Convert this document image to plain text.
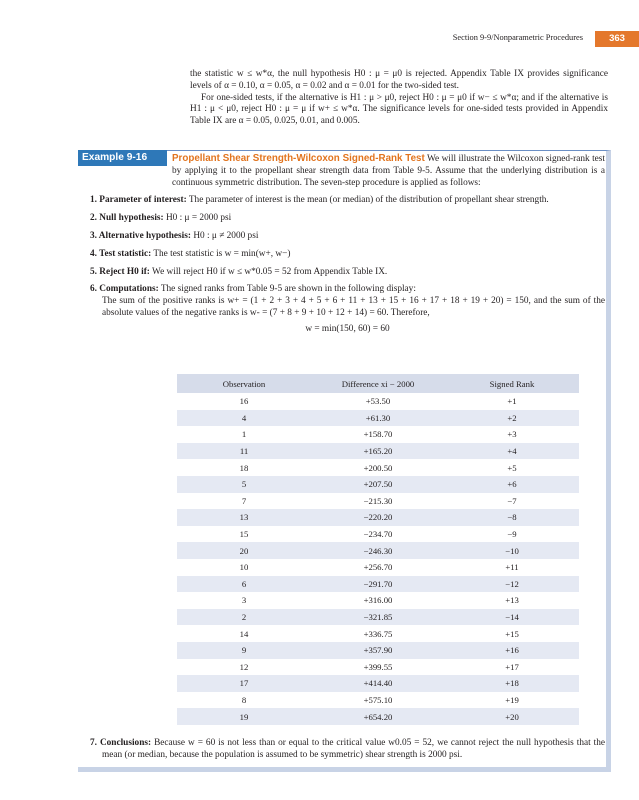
Section 9-9/Nonparametric Procedures	363

the statistic w ≤ w*α, the null hypothesis H0 : μ = μ0 is rejected. Appendix Table IX provides significance levels of α = 0.10, α = 0.05, α = 0.02 and α = 0.01 for the two-sided test.

For one-sided tests, if the alternative is H1 : μ > μ0, reject H0 : μ = μ0 if w− ≤ w*α; and if the alternative is H1 : μ < μ0, reject H0 : μ = μ if w+ ≤ w*α. The significance levels for one-sided tests provided in Appendix Table IX are α = 0.05, 0.025, 0.01, and 0.005.

Example 9-16	Propellant Shear Strength-Wilcoxon Signed-Rank Test We will illustrate the Wilcoxon signed-rank test by applying it to the propellant shear strength data from Table 9-5. Assume that the underlying distribution is a continuous symmetric distribution. The seven-step procedure is applied as follows:

1. Parameter of interest: The parameter of interest is the mean (or median) of the distribution of propellant shear strength.

2. Null hypothesis: H0 : μ = 2000 psi

3. Alternative hypothesis: H0 : μ ≠ 2000 psi

4. Test statistic: The test statistic is w = min(w+, w−)

5. Reject H0 if: We will reject H0 if w ≤ w*0.05 = 52 from Appendix Table IX.

6. Computations: The signed ranks from Table 9-5 are shown in the following display:

The sum of the positive ranks is w+ = (1 + 2 + 3 + 4 + 5 + 6 + 11 + 13 + 15 + 16 + 17 + 18 + 19 + 20) = 150, and the sum of the absolute values of the negative ranks is w- = (7 + 8 + 9 + 10 + 12 + 14) = 60. Therefore,

w = min(150, 60) = 60

Observation	Difference xi − 2000	Signed Rank
16	+53.50	+1
4	+61.30	+2
1	+158.70	+3
11	+165.20	+4
18	+200.50	+5
5	+207.50	+6
7	−215.30	−7
13	−220.20	−8
15	−234.70	−9
20	−246.30	−10
10	+256.70	+11
6	−291.70	−12
3	+316.00	+13
2	−321.85	−14
14	+336.75	+15
9	+357.90	+16
12	+399.55	+17
17	+414.40	+18
8	+575.10	+19
19	+654.20	+20

7. Conclusions: Because w = 60 is not less than or equal to the critical value w0.05 = 52, we cannot reject the null hypothesis that the mean (or median, because the population is assumed to be symmetric) shear strength is 2000 psi.
